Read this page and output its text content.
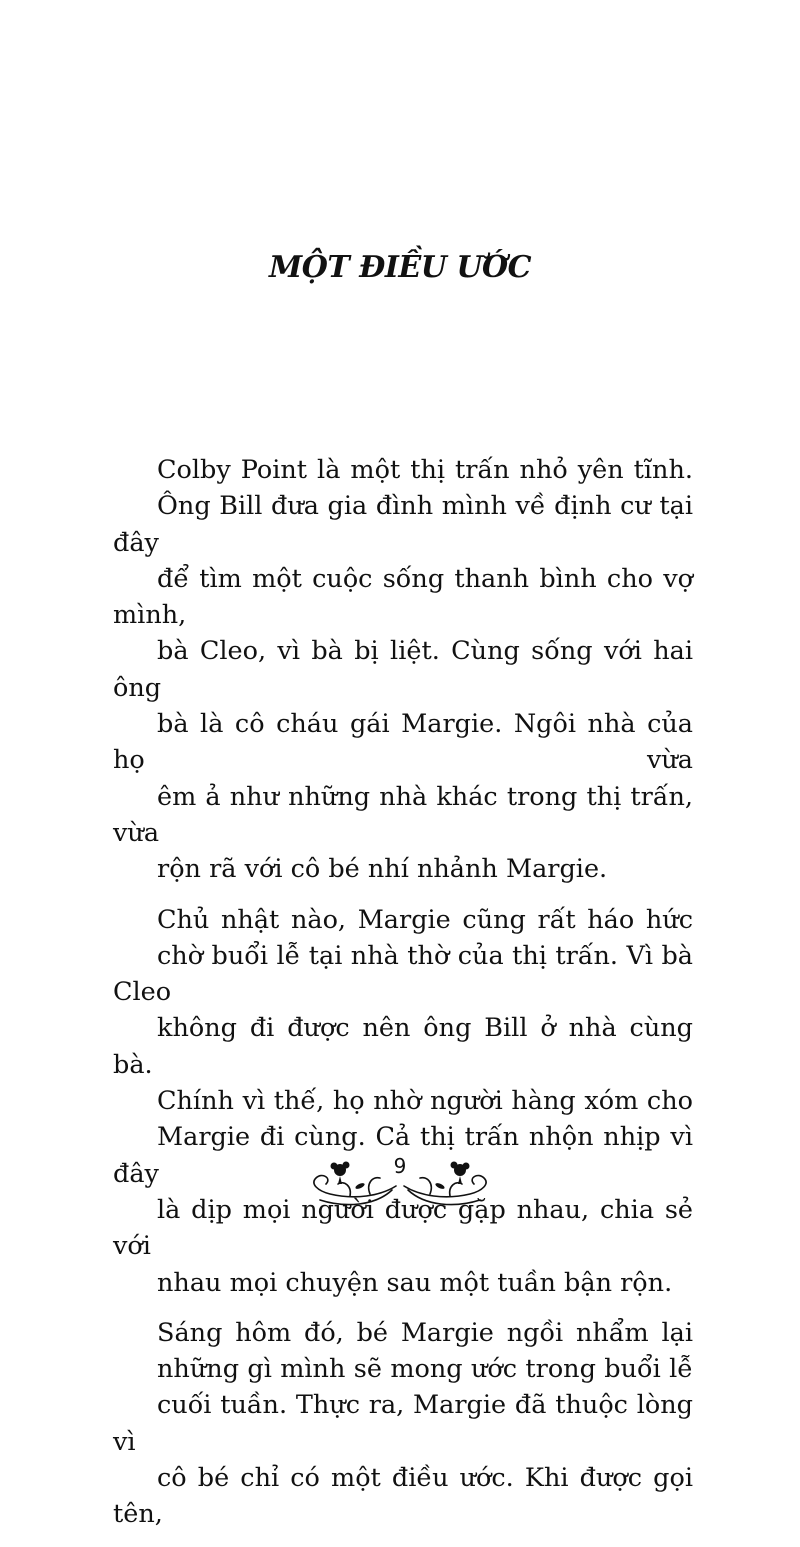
MỘT ĐIỀU ƯỚC

Colby Point là một thị trấn nhỏ yên tĩnh.
Ông Bill đưa gia đình mình về định cư tại đây
để tìm một cuộc sống thanh bình cho vợ mình,
bà Cleo, vì bà bị liệt. Cùng sống với hai ông
bà là cô cháu gái Margie. Ngôi nhà của họ vừa
êm ả như những nhà khác trong thị trấn, vừa
rộn rã với cô bé nhí nhảnh Margie.

Chủ nhật nào, Margie cũng rất háo hức
chờ buổi lễ tại nhà thờ của thị trấn. Vì bà Cleo
không đi được nên ông Bill ở nhà cùng bà.
Chính vì thế, họ nhờ người hàng xóm cho
Margie đi cùng. Cả thị trấn nhộn nhịp vì đây
là dịp mọi người được gặp nhau, chia sẻ với
nhau mọi chuyện sau một tuần bận rộn.

Sáng hôm đó, bé Margie ngồi nhẩm lại
những gì mình sẽ mong ước trong buổi lễ
cuối tuần. Thực ra, Margie đã thuộc lòng vì
cô bé chỉ có một điều ước. Khi được gọi tên,

9
